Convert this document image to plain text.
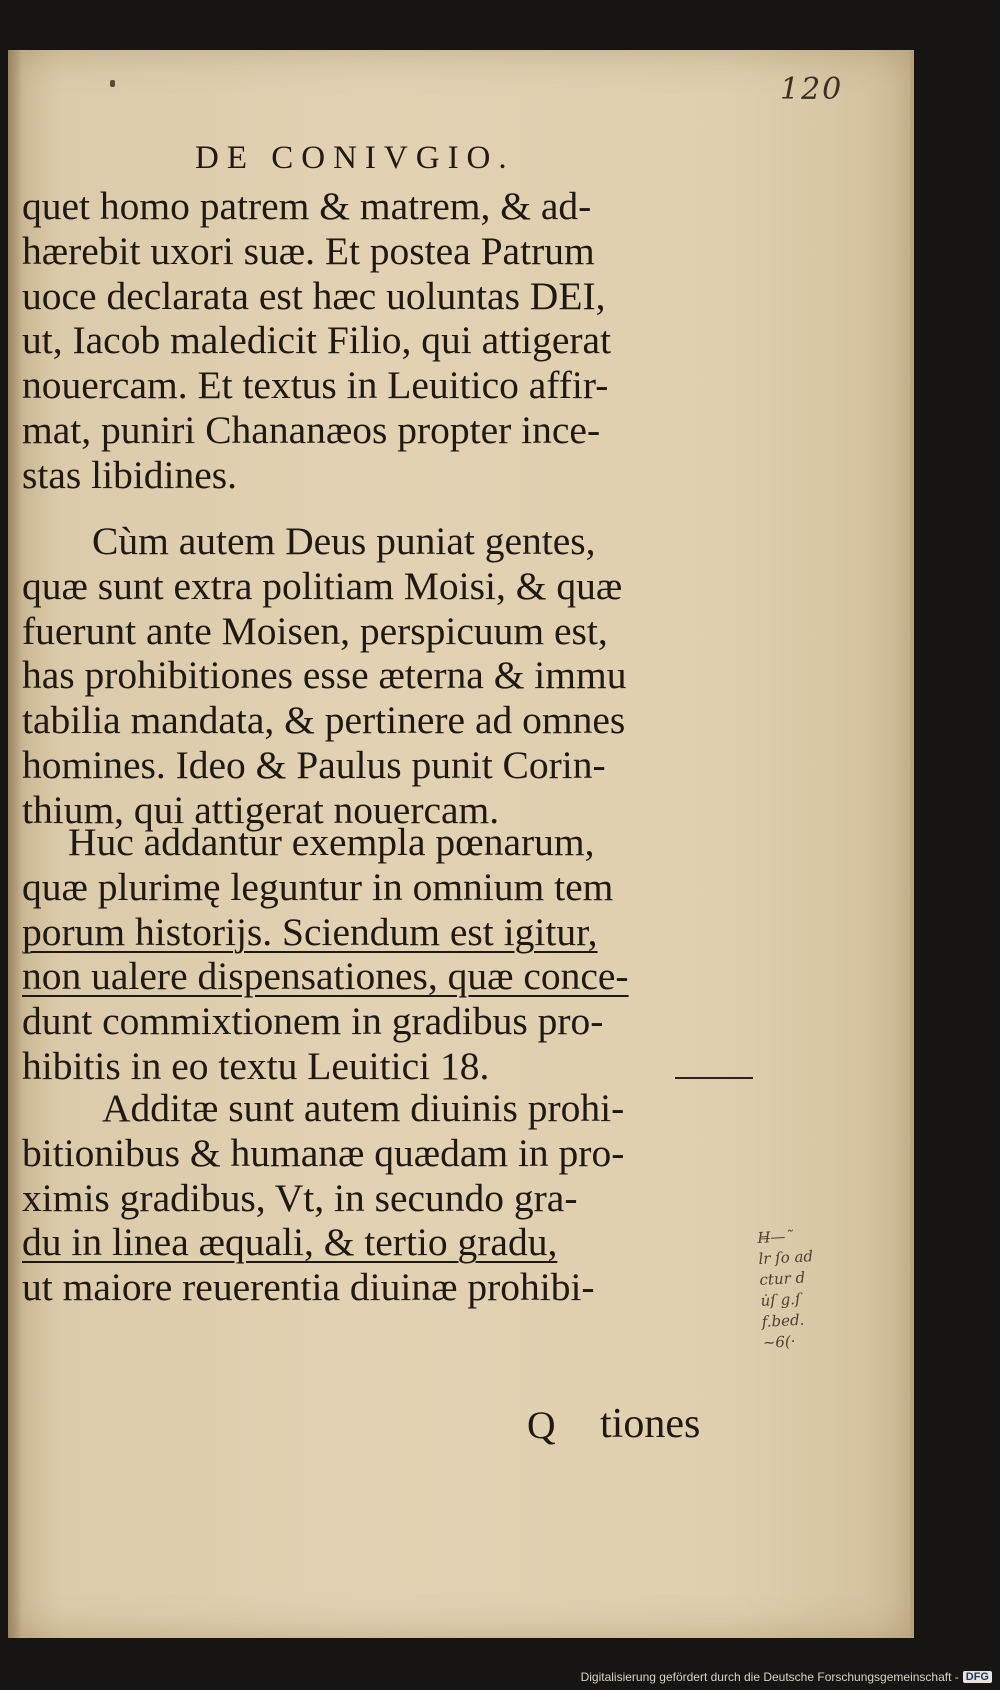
120
DE CONIVGIO.
quet homo patrem & matrem, & ad-
hærebit uxori suæ. Et postea Patrum
uoce declarata est hæc uoluntas DEI,
ut, Iacob maledicit Filio, qui attigerat
nouercam. Et textus in Leuitico affir-
mat, puniri Chananæos propter ince-
stas libidines.
Cùm autem Deus puniat gentes,
quæ sunt extra politiam Moisi, & quæ
fuerunt ante Moisen, perspicuum est,
has prohibitiones esse æterna & immu
tabilia mandata, & pertinere ad omnes
homines. Ideo & Paulus punit Corin-
thium, qui attigerat nouercam.
Huc addantur exempla pœnarum,
quæ plurimę leguntur in omnium tem
porum historijs. Sciendum est igitur,
non ualere dispensationes, quæ conce-
dunt commixtionem in gradibus pro-
hibitis in eo textu Leuitici 18.
Additæ sunt autem diuinis prohi-
bitionibus & humanæ quædam in pro-
ximis gradibus, Vt, in secundo gra-
du in linea æquali, & tertio gradu,
ut maiore reuerentia diuinæ prohibi-
H̶—˜
lr ſo ad
ctur d
u̇ſ g.ſ
f.bed.
~6(·
Q tiones
Digitalisierung gefördert durch die Deutsche Forschungsgemeinschaft - DFG
